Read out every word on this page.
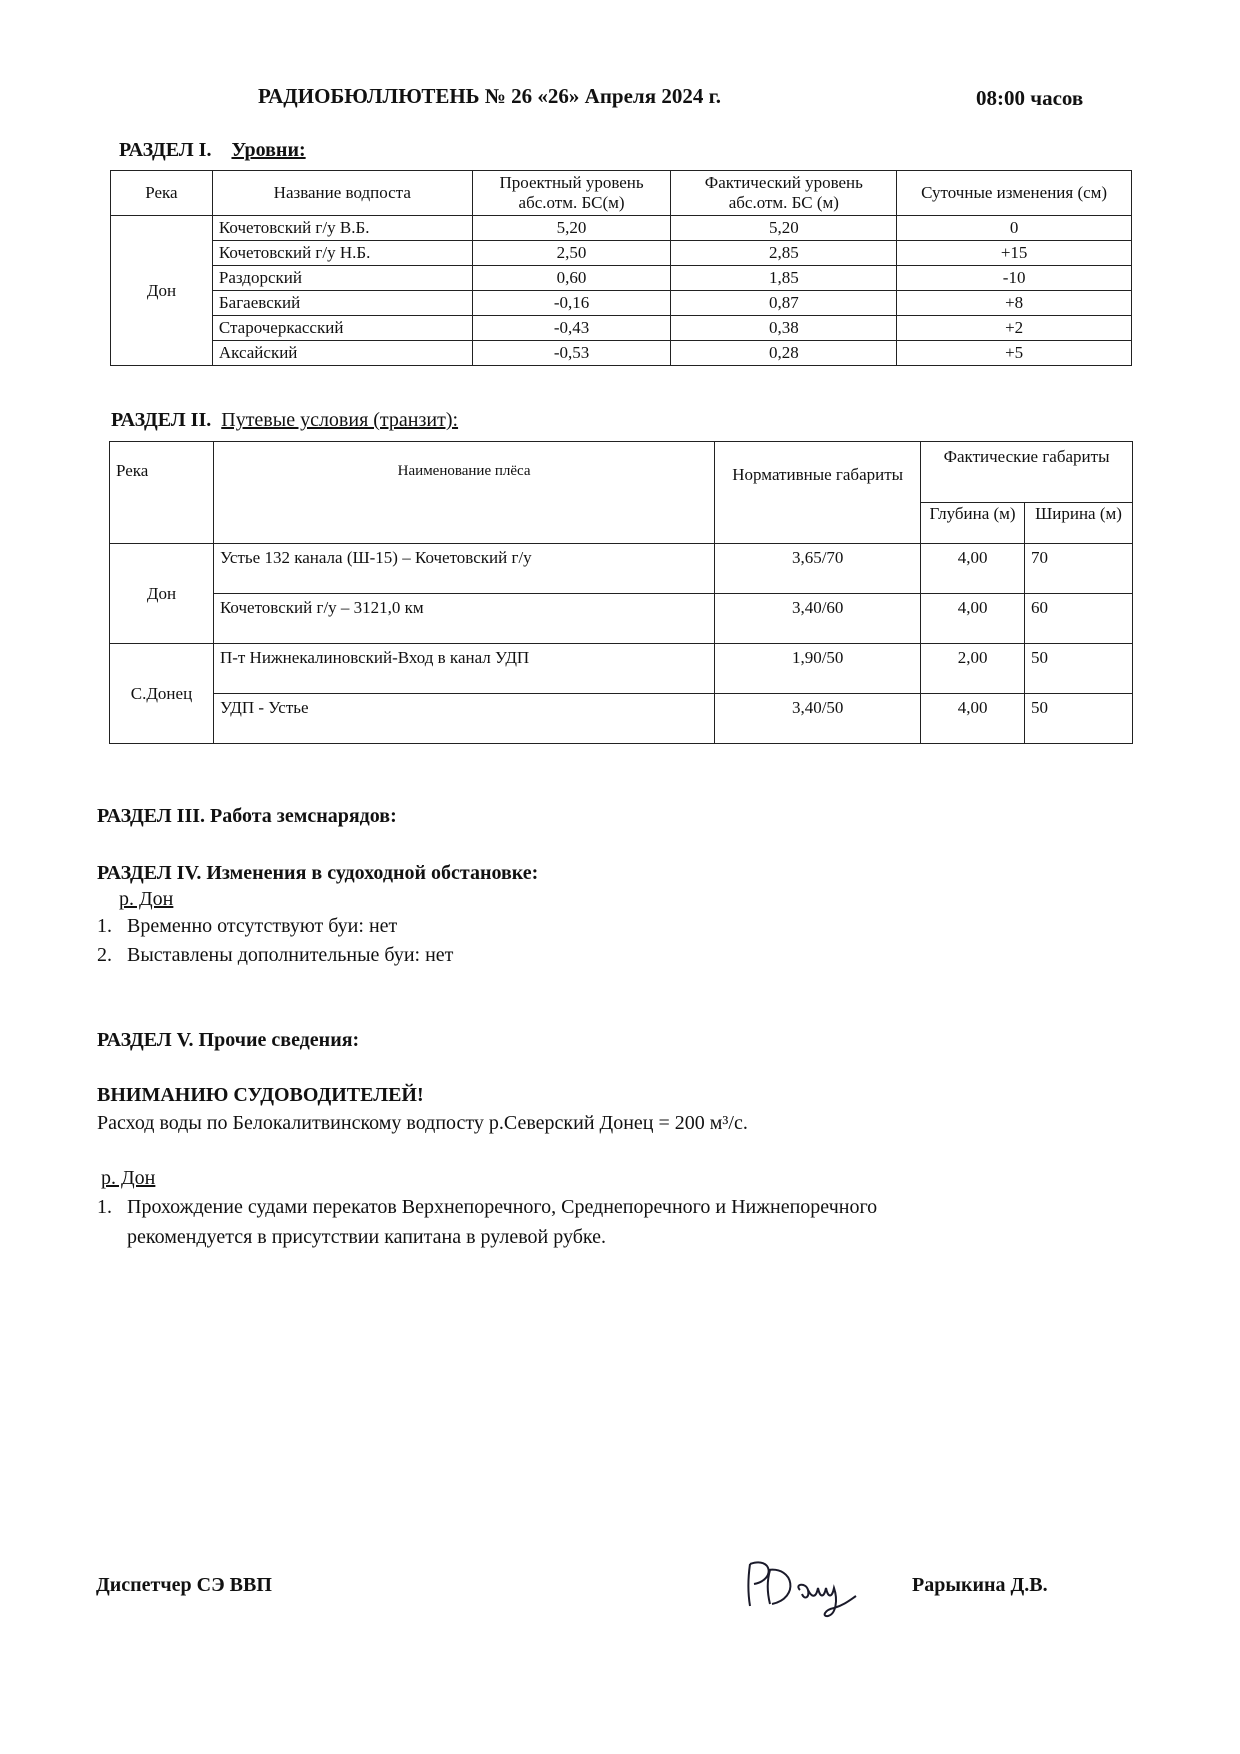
РАДИОБЮЛЛЮТЕНЬ № 26 «26» Апреля 2024 г.	08:00 часов
РАЗДЕЛ I. Уровни:
Река	Название водпоста	Проектный уровень абс.отм. БС(м)	Фактический уровень абс.отм. БС (м)	Суточные изменения (см)
Дон	Кочетовский г/у В.Б.	5,20	5,20	0
	Кочетовский г/у Н.Б.	2,50	2,85	+15
	Раздорский	0,60	1,85	-10
	Багаевский	-0,16	0,87	+8
	Старочеркасский	-0,43	0,38	+2
	Аксайский	-0,53	0,28	+5
РАЗДЕЛ II. Путевые условия (транзит):
Река	Наименование плёса	Нормативные габариты	Фактические габариты	
			Глубина (м)	Ширина (м)
Дон	Устье 132 канала (Ш-15) – Кочетовский г/у	3,65/70	4,00	70
	Кочетовский г/у – 3121,0 км	3,40/60	4,00	60
С.Донец	П-т Нижнекалиновский-Вход в канал УДП	1,90/50	2,00	50
	УДП - Устье	3,40/50	4,00	50
РАЗДЕЛ III. Работа земснарядов:
РАЗДЕЛ IV. Изменения в судоходной обстановке:
р. Дон
1. Временно отсутствуют буи: нет
2. Выставлены дополнительные буи: нет
РАЗДЕЛ V. Прочие сведения:
ВНИМАНИЮ СУДОВОДИТЕЛЕЙ!
Расход воды по Белокалитвинскому водпосту р.Северский Донец = 200 м³/с.
р. Дон
1. Прохождение судами перекатов Верхнепоречного, Среднепоречного и Нижнепоречного
рекомендуется в присутствии капитана в рулевой рубке.
Диспетчер СЭ ВВП	Рарыкина Д.В.
